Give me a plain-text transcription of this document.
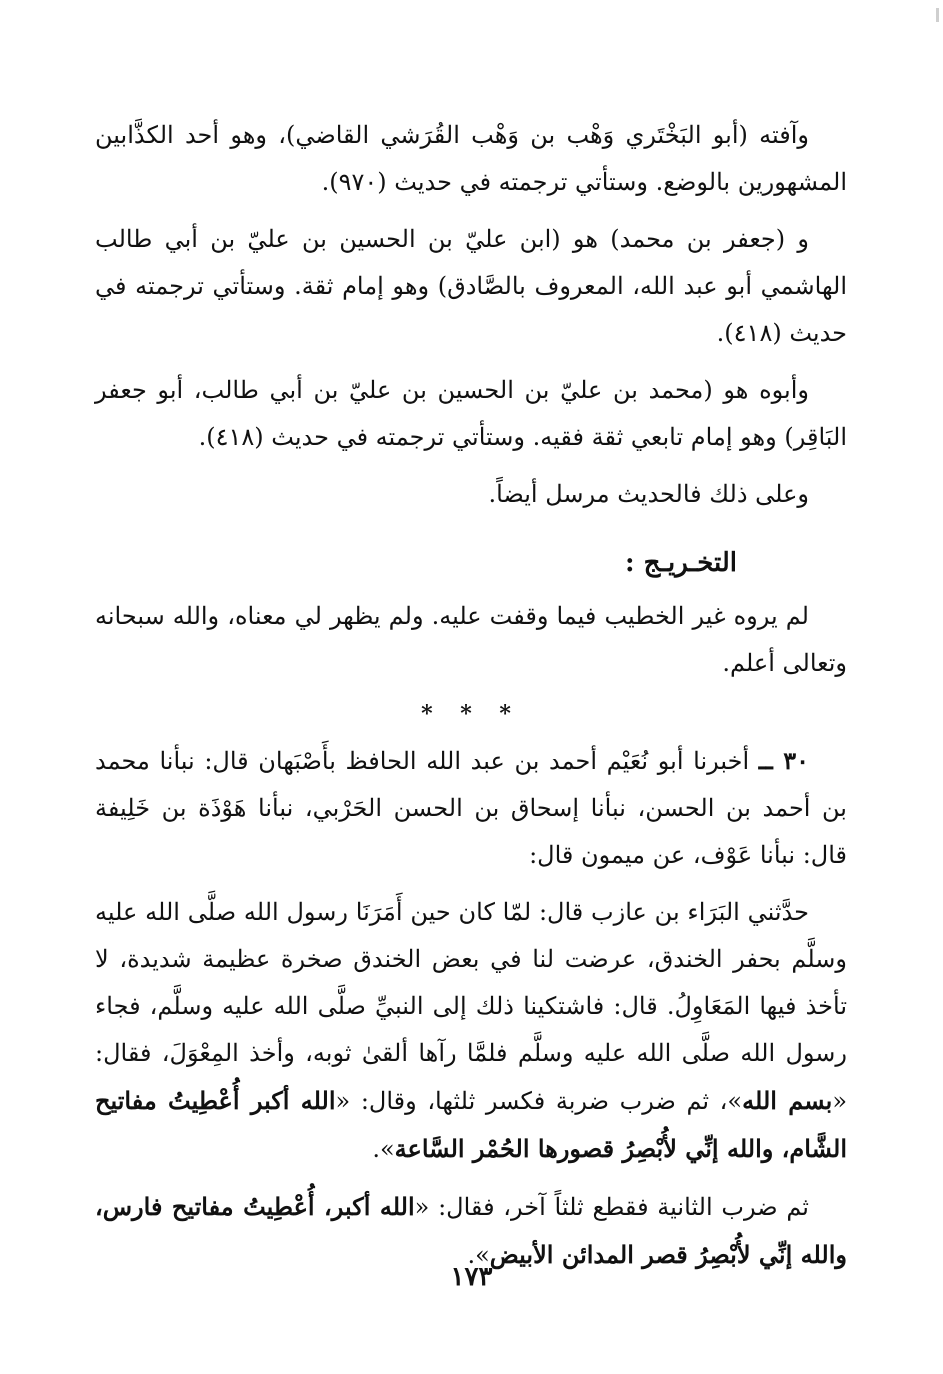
وآفته (أبو البَخْتَري وَهْب بن وَهْب القُرَشي القاضي)، وهو أحد الكذَّابين المشهورين بالوضع. وستأتي ترجمته في حديث (٩٧٠).

و (جعفر بن محمد) هو (ابن عليّ بن الحسين بن عليّ بن أبي طالب الهاشمي أبو عبد الله، المعروف بالصَّادق) وهو إمام ثقة. وستأتي ترجمته في حديث (٤١٨).

وأبوه هو (محمد بن عليّ بن الحسين بن عليّ بن أبي طالب، أبو جعفر البَاقِر) وهو إمام تابعي ثقة فقيه. وستأتي ترجمته في حديث (٤١٨).

وعلى ذلك فالحديث مرسل أيضاً.

التخـريـج :

لم يروه غير الخطيب فيما وقفت عليه. ولم يظهر لي معناه، والله سبحانه وتعالى أعلم.

* * *

٣٠ ــ أخبرنا أبو نُعَيْم أحمد بن عبد الله الحافظ بأَصْبَهان قال: نبأنا محمد بن أحمد بن الحسن، نبأنا إسحاق بن الحسن الحَرْبي، نبأنا هَوْذَة بن خَلِيفة قال: نبأنا عَوْف، عن ميمون قال:

حدَّثني البَرَاء بن عازب قال: لمّا كان حين أَمَرَنَا رسول الله صلَّى الله عليه وسلَّم بحفر الخندق، عرضت لنا في بعض الخندق صخرة عظيمة شديدة، لا تأخذ فيها المَعَاوِلُ. قال: فاشتكينا ذلك إلى النبيِّ صلَّى الله عليه وسلَّم، فجاء رسول الله صلَّى الله عليه وسلَّم فلمَّا رآها ألقىٰ ثوبه، وأخذ المِعْوَلَ، فقال: «بسم الله»، ثم ضرب ضربة فكسر ثلثها، وقال: «الله أكبر أُعْطِيتُ مفاتيح الشَّام، والله إنِّي لأُبْصِرُ قصورها الحُمْر السَّاعة».

ثم ضرب الثانية فقطع ثلثاً آخر، فقال: «الله أكبر، أُعْطِيتُ مفاتيح فارس، والله إنِّي لأُبْصِرُ قصر المدائن الأبيض».

١٧٣
